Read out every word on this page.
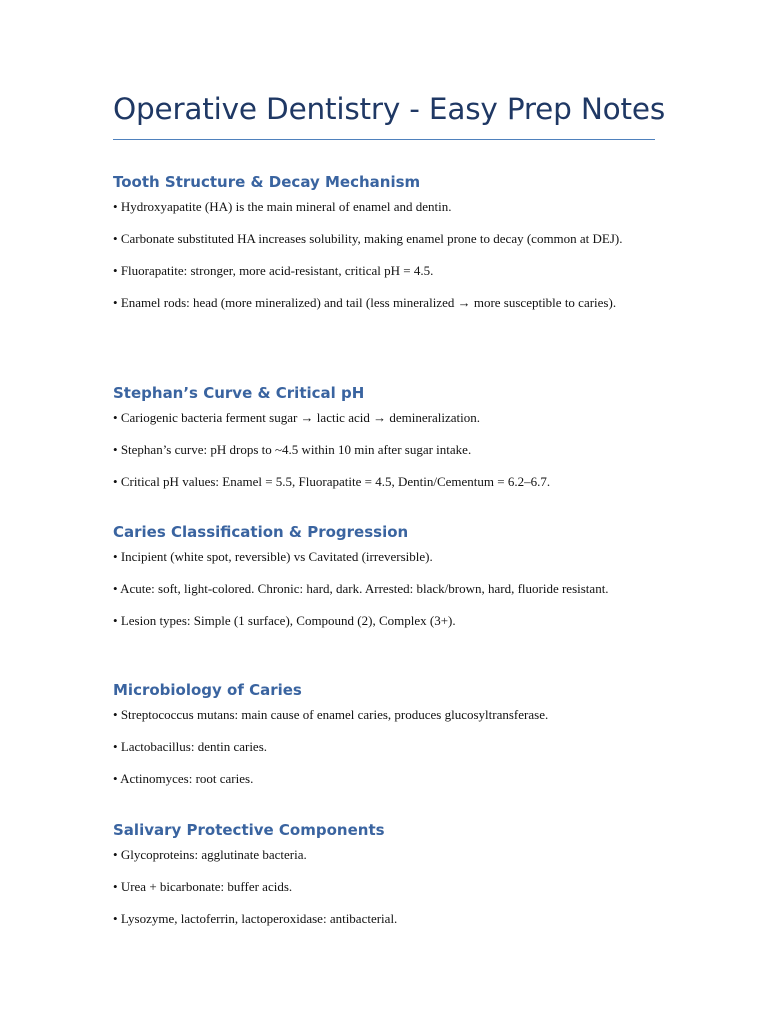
Operative Dentistry - Easy Prep Notes
Tooth Structure & Decay Mechanism

• Hydroxyapatite (HA) is the main mineral of enamel and dentin.

• Carbonate substituted HA increases solubility, making enamel prone to decay (common at DEJ).

• Fluorapatite: stronger, more acid-resistant, critical pH = 4.5.

• Enamel rods: head (more mineralized) and tail (less mineralized → more susceptible to caries).

Stephan’s Curve & Critical pH

• Cariogenic bacteria ferment sugar → lactic acid → demineralization.

• Stephan’s curve: pH drops to ~4.5 within 10 min after sugar intake.

• Critical pH values: Enamel = 5.5, Fluorapatite = 4.5, Dentin/Cementum = 6.2–6.7.

Caries Classification & Progression

• Incipient (white spot, reversible) vs Cavitated (irreversible).

• Acute: soft, light-colored. Chronic: hard, dark. Arrested: black/brown, hard, fluoride resistant.

• Lesion types: Simple (1 surface), Compound (2), Complex (3+).

Microbiology of Caries

• Streptococcus mutans: main cause of enamel caries, produces glucosyltransferase.

• Lactobacillus: dentin caries.

• Actinomyces: root caries.

Salivary Protective Components

• Glycoproteins: agglutinate bacteria.

• Urea + bicarbonate: buffer acids.

• Lysozyme, lactoferrin, lactoperoxidase: antibacterial.
